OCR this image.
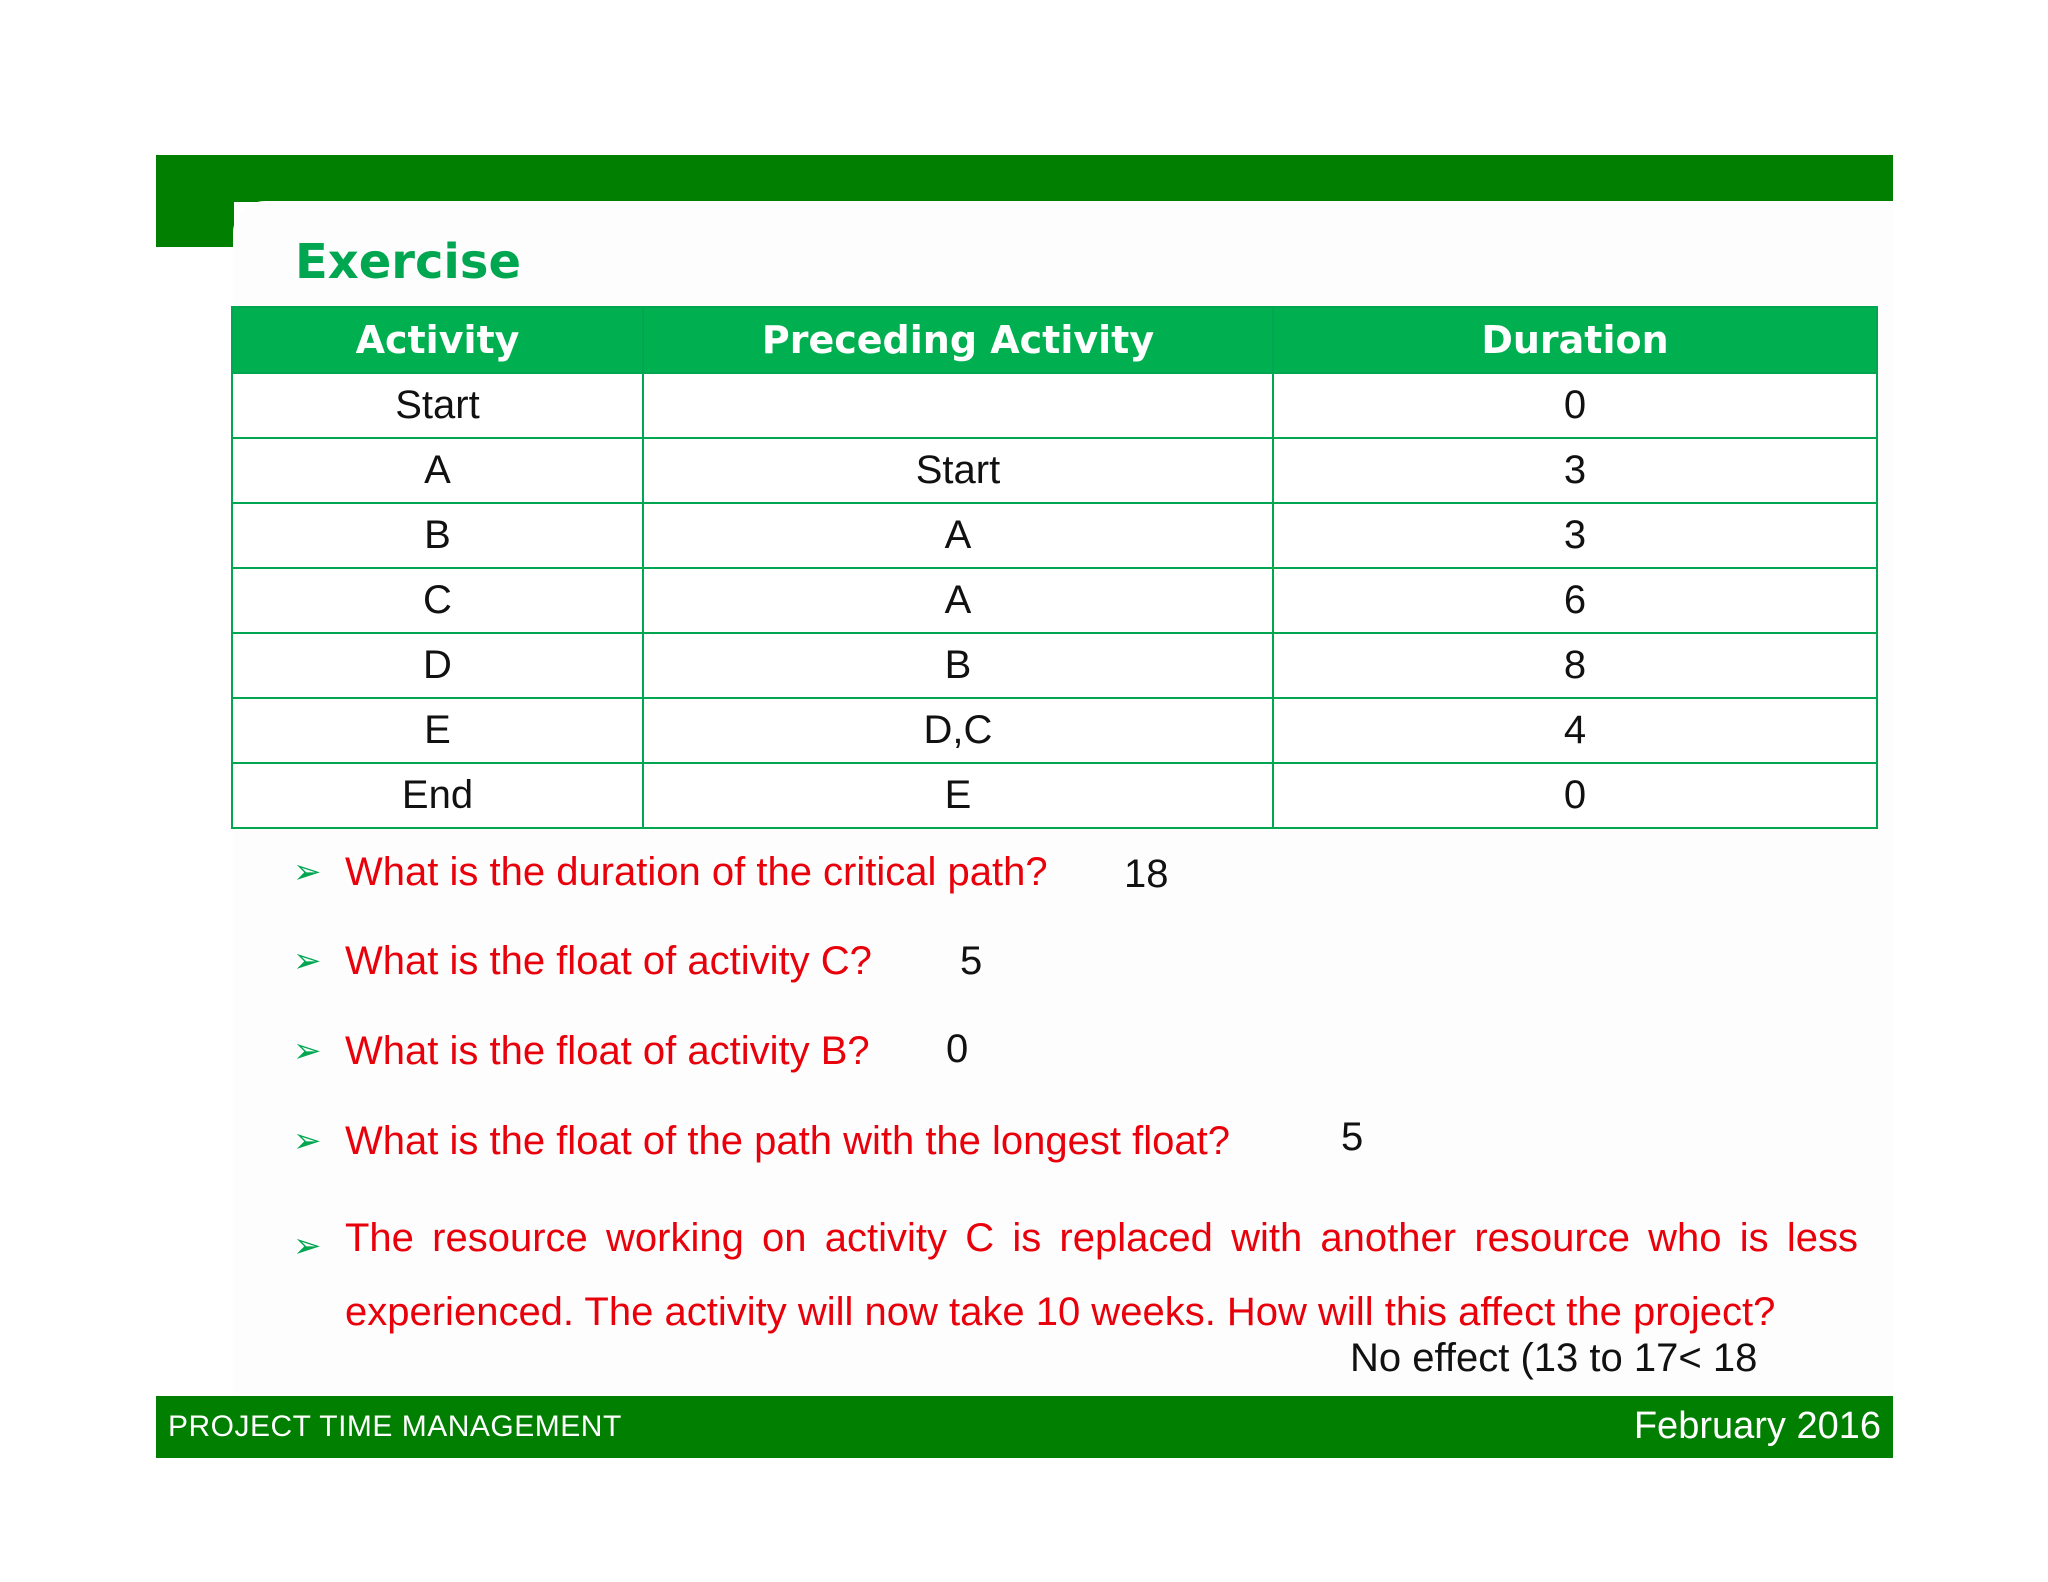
Exercise
Activity	Preceding Activity	Duration
Start		0
A	Start	3
B	A	3
C	A	6
D	B	8
E	D,C	4
End	E	0

➢ What is the duration of the critical path? 18

➢ What is the float of activity C? 5

➢ What is the float of activity B? 0

➢ What is the float of the path with the longest float?	5

➢ The resource working on activity C is replaced with another resource who is less experienced. The activity will now take 10 weeks. How will this affect the project?

No effect (13 to 17< 18

PROJECT TIME MANAGEMENT	February 2016
